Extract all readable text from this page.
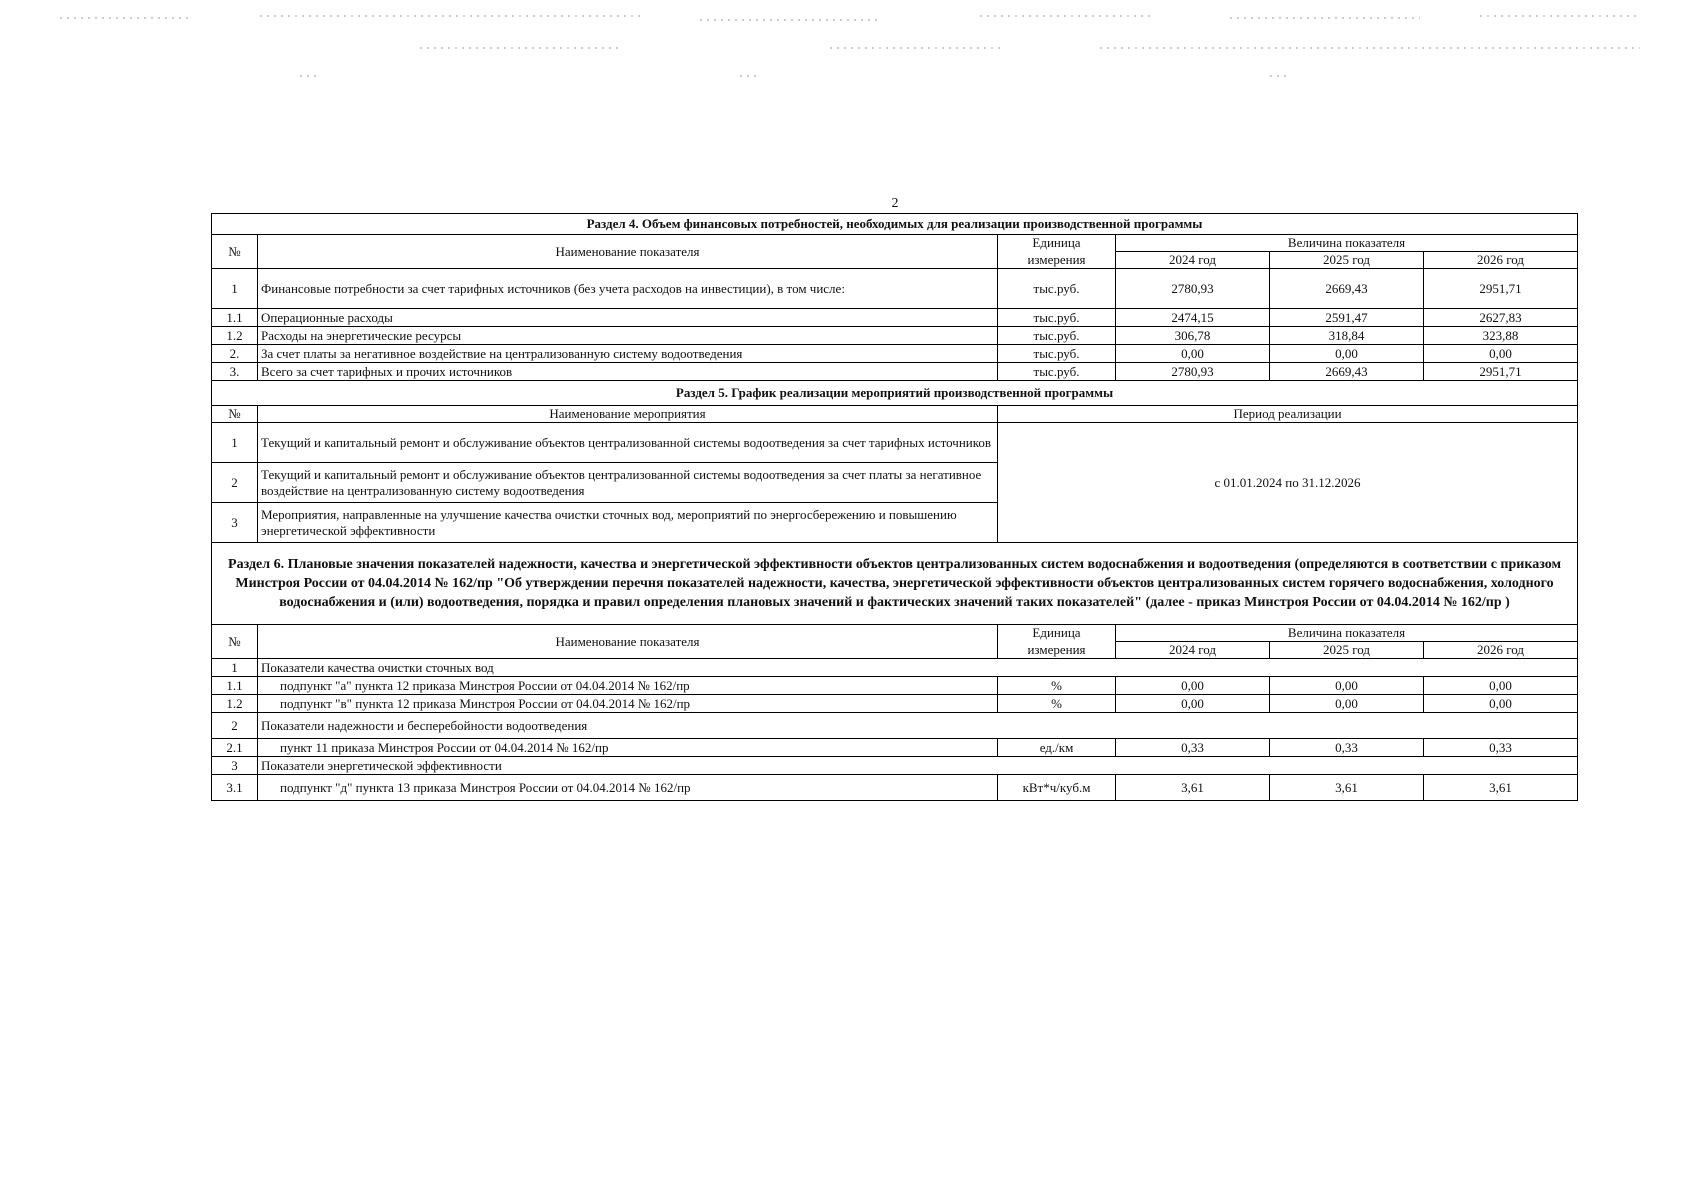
2
Раздел 4. Объем финансовых потребностей, необходимых для реализации производственной программы					
№	Наименование показателя	Единица	Величина показателя		
		измерения	2024 год	2025 год	2026 год
1	Финансовые потребности за счет тарифных источников (без учета расходов на инвестиции), в том числе:	тыс.руб.	2780,93	2669,43	2951,71
1.1	Операционные расходы	тыс.руб.	2474,15	2591,47	2627,83
1.2	Расходы на энергетические ресурсы	тыс.руб.	306,78	318,84	323,88
2.	За счет платы за негативное воздействие на централизованную систему водоотведения	тыс.руб.	0,00	0,00	0,00
3.	Всего за счет тарифных и прочих источников	тыс.руб.	2780,93	2669,43	2951,71
Раздел 5. График реализации мероприятий производственной программы					
№	Наименование мероприятия	Период реализации			
1	Текущий и капитальный ремонт и обслуживание объектов централизованной системы водоотведения за счет тарифных источников	с 01.01.2024 по 31.12.2026			
2	Текущий и капитальный ремонт и обслуживание объектов централизованной системы водоотведения за счет платы за негативное воздействие на централизованную систему водоотведения				
3	Мероприятия, направленные на улучшение качества очистки сточных вод, мероприятий по энергосбережению и повышению энергетической эффективности				
Раздел 6. Плановые значения показателей надежности, качества и энергетической эффективности объектов централизованных систем водоснабжения и водоотведения (определяются в соответствии с приказом Минстроя России от 04.04.2014 № 162/пр "Об утверждении перечня показателей надежности, качества, энергетической эффективности объектов централизованных систем горячего водоснабжения, холодного водоснабжения и (или) водоотведения, порядка и правил определения плановых значений и фактических значений таких показателей" (далее - приказ Минстроя России от 04.04.2014 № 162/пр )					
№	Наименование показателя	Единица	Величина показателя		
		измерения	2024 год	2025 год	2026 год
1	Показатели качества очистки сточных вод				
1.1	подпункт "а" пункта 12 приказа Минстроя России от 04.04.2014 № 162/пр	%	0,00	0,00	0,00
1.2	подпункт "в" пункта 12 приказа Минстроя России от 04.04.2014 № 162/пр	%	0,00	0,00	0,00
2	Показатели надежности и бесперебойности водоотведения				
2.1	пункт 11 приказа Минстроя России от 04.04.2014 № 162/пр	ед./км	0,33	0,33	0,33
3	Показатели энергетической эффективности				
3.1	подпункт "д" пункта 13 приказа Минстроя России от 04.04.2014 № 162/пр	кВт*ч/куб.м	3,61	3,61	3,61
